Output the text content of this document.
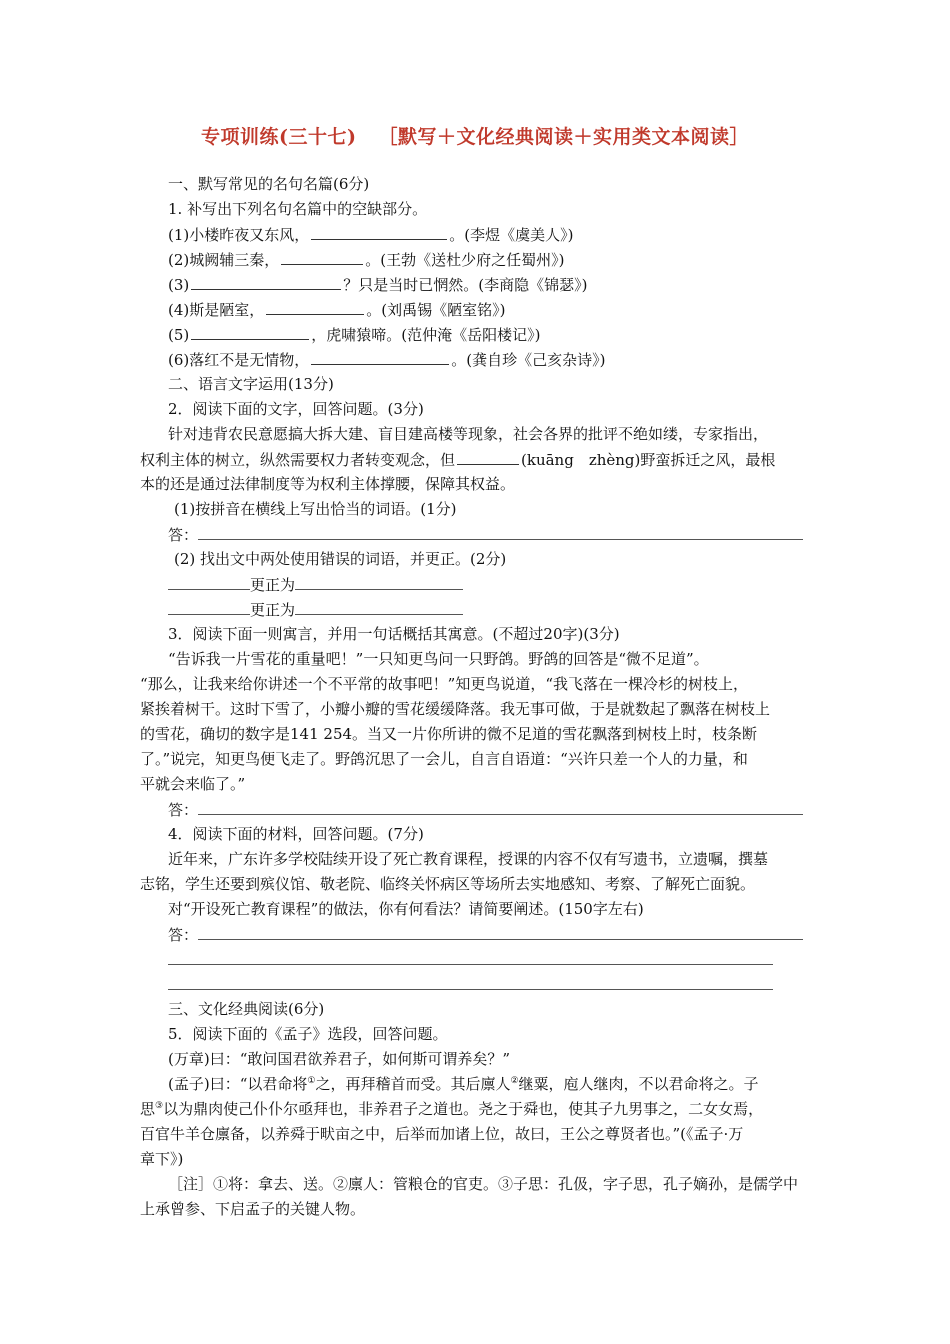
专项训练(三十七) ［默写＋文化经典阅读＋实用类文本阅读］
一、默写常见的名句名篇(6分)
1. 补写出下列名句名篇中的空缺部分。
(1)小楼昨夜又东风，	。(李煜《虞美人》)
(2)城阙辅三秦，	。(王勃《送杜少府之任蜀州》)
(3)	？只是当时已惘然。(李商隐《锦瑟》)
(4)斯是陋室，	。(刘禹锡《陋室铭》)
(5)	，虎啸猿啼。(范仲淹《岳阳楼记》)
(6)落红不是无情物，	。(龚自珍《己亥杂诗》)
二、语言文字运用(13分)
2．阅读下面的文字，回答问题。(3分)
针对违背农民意愿搞大拆大建、盲目建高楼等现象，社会各界的批评不绝如缕，专家指出，
权利主体的树立，纵然需要权力者转变观念，但	(kuāng　zhèng)野蛮拆迁之风，最根
本的还是通过法律制度等为权利主体撑腰，保障其权益。
(1)按拼音在横线上写出恰当的词语。(1分)
答：
(2) 找出文中两处使用错误的词语，并更正。(2分)
更正为
更正为
3．阅读下面一则寓言，并用一句话概括其寓意。(不超过20字)(3分)
“告诉我一片雪花的重量吧！”一只知更鸟问一只野鸽。野鸽的回答是“微不足道”。
“那么，让我来给你讲述一个不平常的故事吧！”知更鸟说道，“我飞落在一棵冷杉的树枝上，
紧挨着树干。这时下雪了，小瓣小瓣的雪花缓缓降落。我无事可做，于是就数起了飘落在树枝上
的雪花，确切的数字是141 254。当又一片你所讲的微不足道的雪花飘落到树枝上时，枝条断
了。”说完，知更鸟便飞走了。野鸽沉思了一会儿，自言自语道：“兴许只差一个人的力量，和
平就会来临了。”
答：
4．阅读下面的材料，回答问题。(7分)
近年来，广东许多学校陆续开设了死亡教育课程，授课的内容不仅有写遗书，立遗嘱，撰墓
志铭，学生还要到殡仪馆、敬老院、临终关怀病区等场所去实地感知、考察、了解死亡面貌。
对“开设死亡教育课程”的做法，你有何看法？请简要阐述。(150字左右)
答：
三、文化经典阅读(6分)
5．阅读下面的《孟子》选段，回答问题。
(万章)曰：“敢问国君欲养君子，如何斯可谓养矣？”
(孟子)曰：“以君命将①之，再拜稽首而受。其后廪人②继粟，庖人继肉，不以君命将之。子
思③以为鼎肉使己仆仆尔亟拜也，非养君子之道也。尧之于舜也，使其子九男事之，二女女焉，
百官牛羊仓廪备，以养舜于畎亩之中，后举而加诸上位，故曰，王公之尊贤者也。”(《孟子·万
章下》)
［注］①将：拿去、送。②廪人：管粮仓的官吏。③子思：孔伋，字子思，孔子嫡孙，是儒学中
上承曾参、下启孟子的关键人物。
